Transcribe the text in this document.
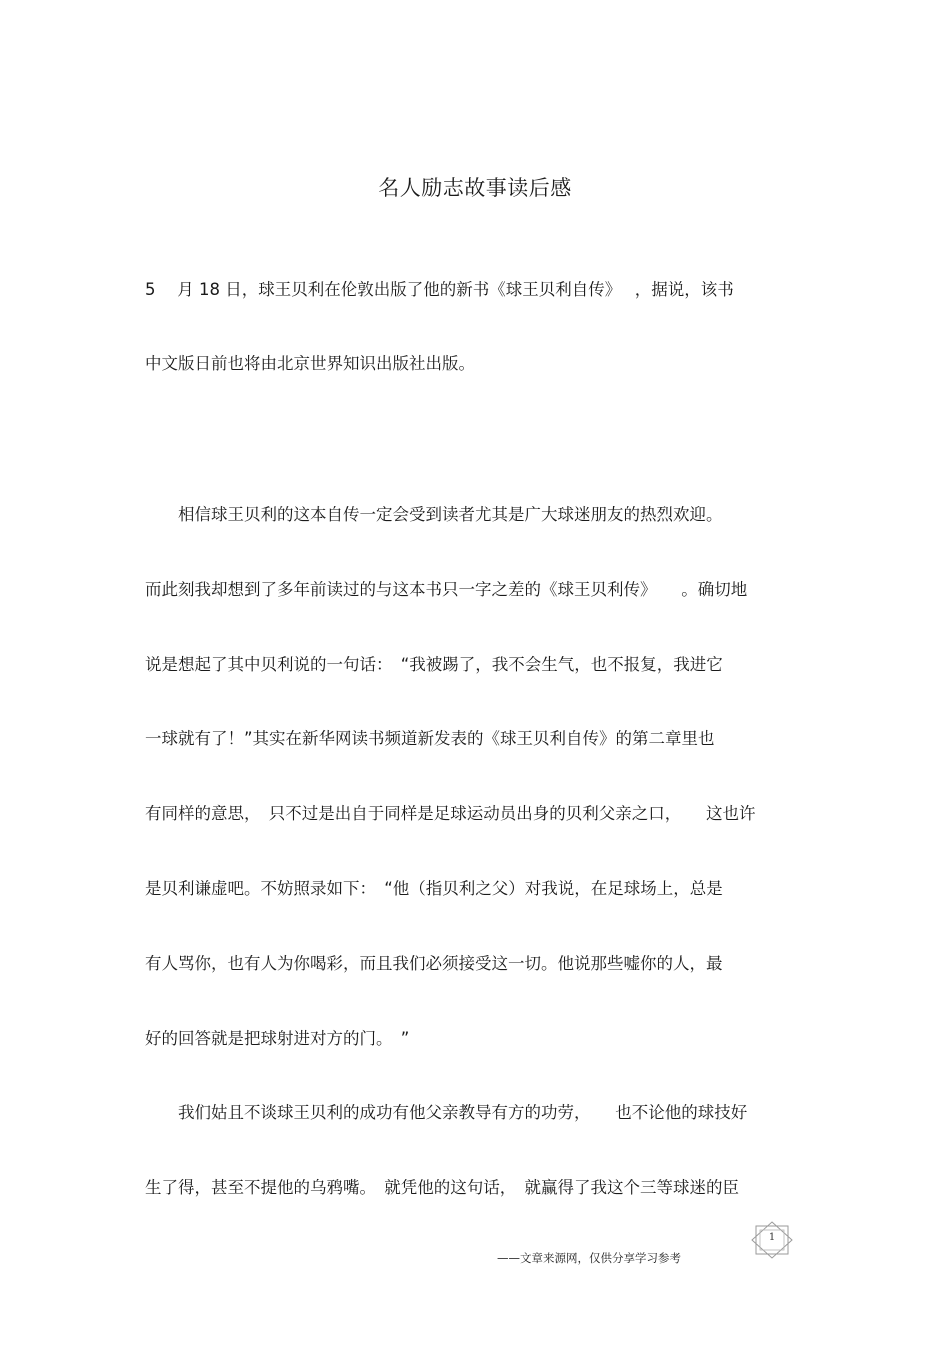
名人励志故事读后感
5　 月 18 日，球王贝利在伦敦出版了他的新书《球王贝利自传》　 ，据说，该书
中文版日前也将由北京世界知识出版社出版。
　　相信球王贝利的这本自传一定会受到读者尤其是广大球迷朋友的热烈欢迎。
而此刻我却想到了多年前读过的与这本书只一字之差的《球王贝利传》　　。确切地
说是想起了其中贝利说的一句话：　“我被踢了，我不会生气，也不报复，我进它
一球就有了！”其实在新华网读书频道新发表的《球王贝利自传》的第二章里也
有同样的意思，　只不过是出自于同样是足球运动员出身的贝利父亲之口，　　这也许
是贝利谦虚吧。不妨照录如下：　“他（指贝利之父）对我说，在足球场上，总是
有人骂你，也有人为你喝彩，而且我们必须接受这一切。他说那些嘘你的人，最
好的回答就是把球射进对方的门。　”
　　我们姑且不谈球王贝利的成功有他父亲教导有方的功劳，　　也不论他的球技好
生了得，甚至不提他的乌鸦嘴。　就凭他的这句话，　就赢得了我这个三等球迷的臣
1
——文章来源网，仅供分享学习参考
